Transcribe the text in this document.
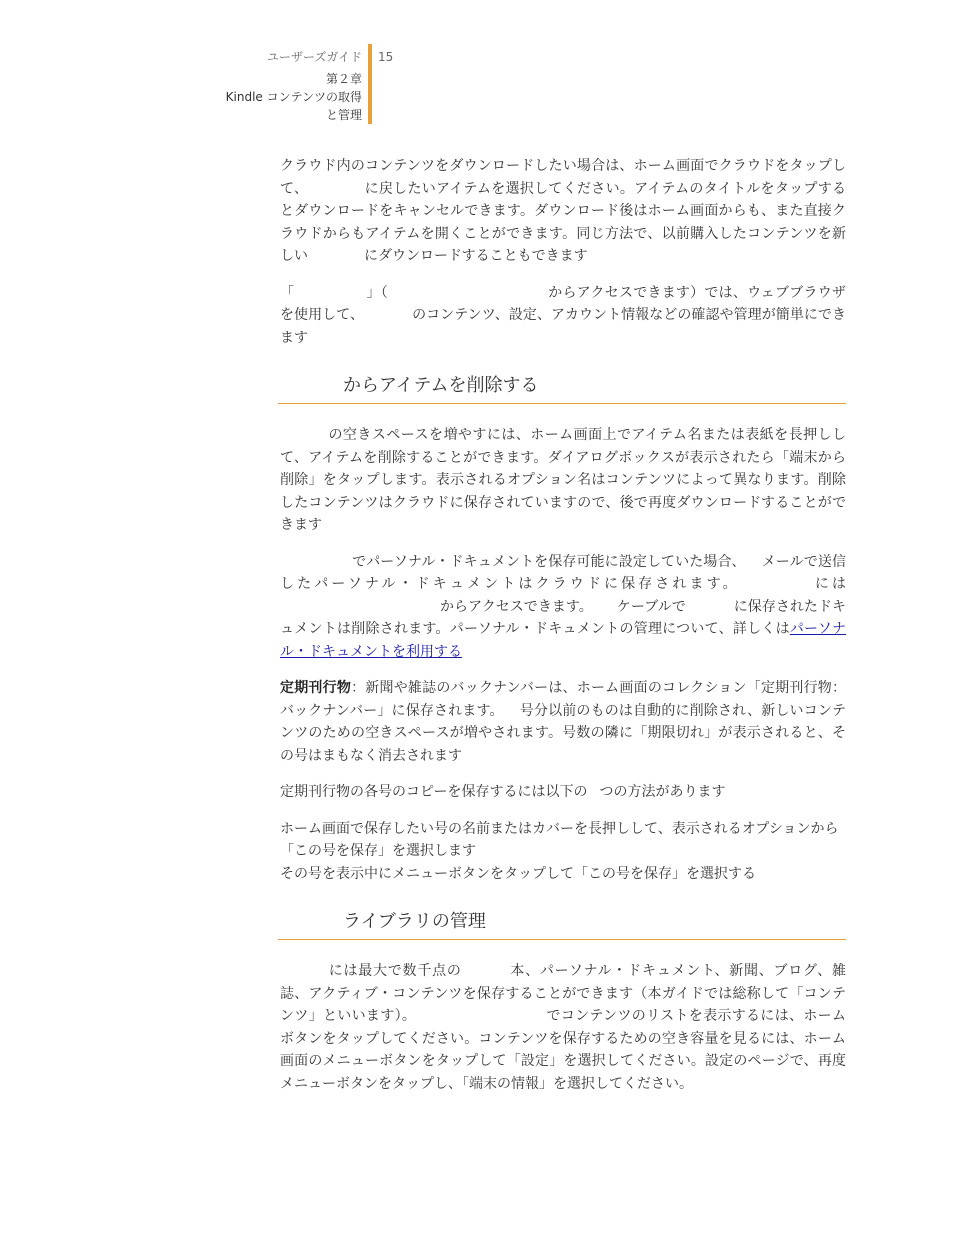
ユーザーズガイド
第２章
Kindle コンテンツの取得
と管理
15

クラウド内のコンテンツをダウンロードしたい場合は、ホーム画面でクラウドをタップして、	に戻したいアイテムを選択してください。アイテムのタイトルをタップするとダウンロードをキャンセルできます。ダウンロード後はホーム画面からも、また直接クラウドからもアイテムを開くことができます。同じ方法で、以前購入したコンテンツを新しい	にダウンロードすることもできます

「	」（	からアクセスできます）では、ウェブブラウザを使用して、	のコンテンツ、設定、アカウント情報などの確認や管理が簡単にできます

からアイテムを削除する

の空きスペースを増やすには、ホーム画面上でアイテム名または表紙を長押しして、アイテムを削除することができます。ダイアログボックスが表示されたら「端末から削除」をタップします。表示されるオプション名はコンテンツによって異なります。削除したコンテンツはクラウドに保存されていますので、後で再度ダウンロードすることができます

でパーソナル・ドキュメントを保存可能に設定していた場合、 メールで送信したパーソナル・ドキュメントはクラウドに保存されます。	にはからアクセスできます。 ケーブルで	に保存されたドキュメントは削除されます。パーソナル・ドキュメントの管理について、詳しくはパーソナル・ドキュメントを利用する

定期刊行物：新聞や雑誌のバックナンバーは、ホーム画面のコレクション「定期刊行物：バックナンバー」に保存されます。 号分以前のものは自動的に削除され、新しいコンテンツのための空きスペースが増やされます。号数の隣に「期限切れ」が表示されると、その号はまもなく消去されます

定期刊行物の各号のコピーを保存するには以下の つの方法があります

ホーム画面で保存したい号の名前またはカバーを長押しして、表示されるオプションから「この号を保存」を選択します

その号を表示中にメニューボタンをタップして「この号を保存」を選択する

ライブラリの管理

には最大で数千点の	本、パーソナル・ドキュメント、新聞、ブログ、雑誌、アクティブ・コンテンツを保存することができます（本ガイドでは総称して「コンテンツ」といいます）。	でコンテンツのリストを表示するには、ホームボタンをタップしてください。コンテンツを保存するための空き容量を見るには、ホーム画面のメニューボタンをタップして「設定」を選択してください。設定のページで、再度メニューボタンをタップし、「端末の情報」を選択してください。
